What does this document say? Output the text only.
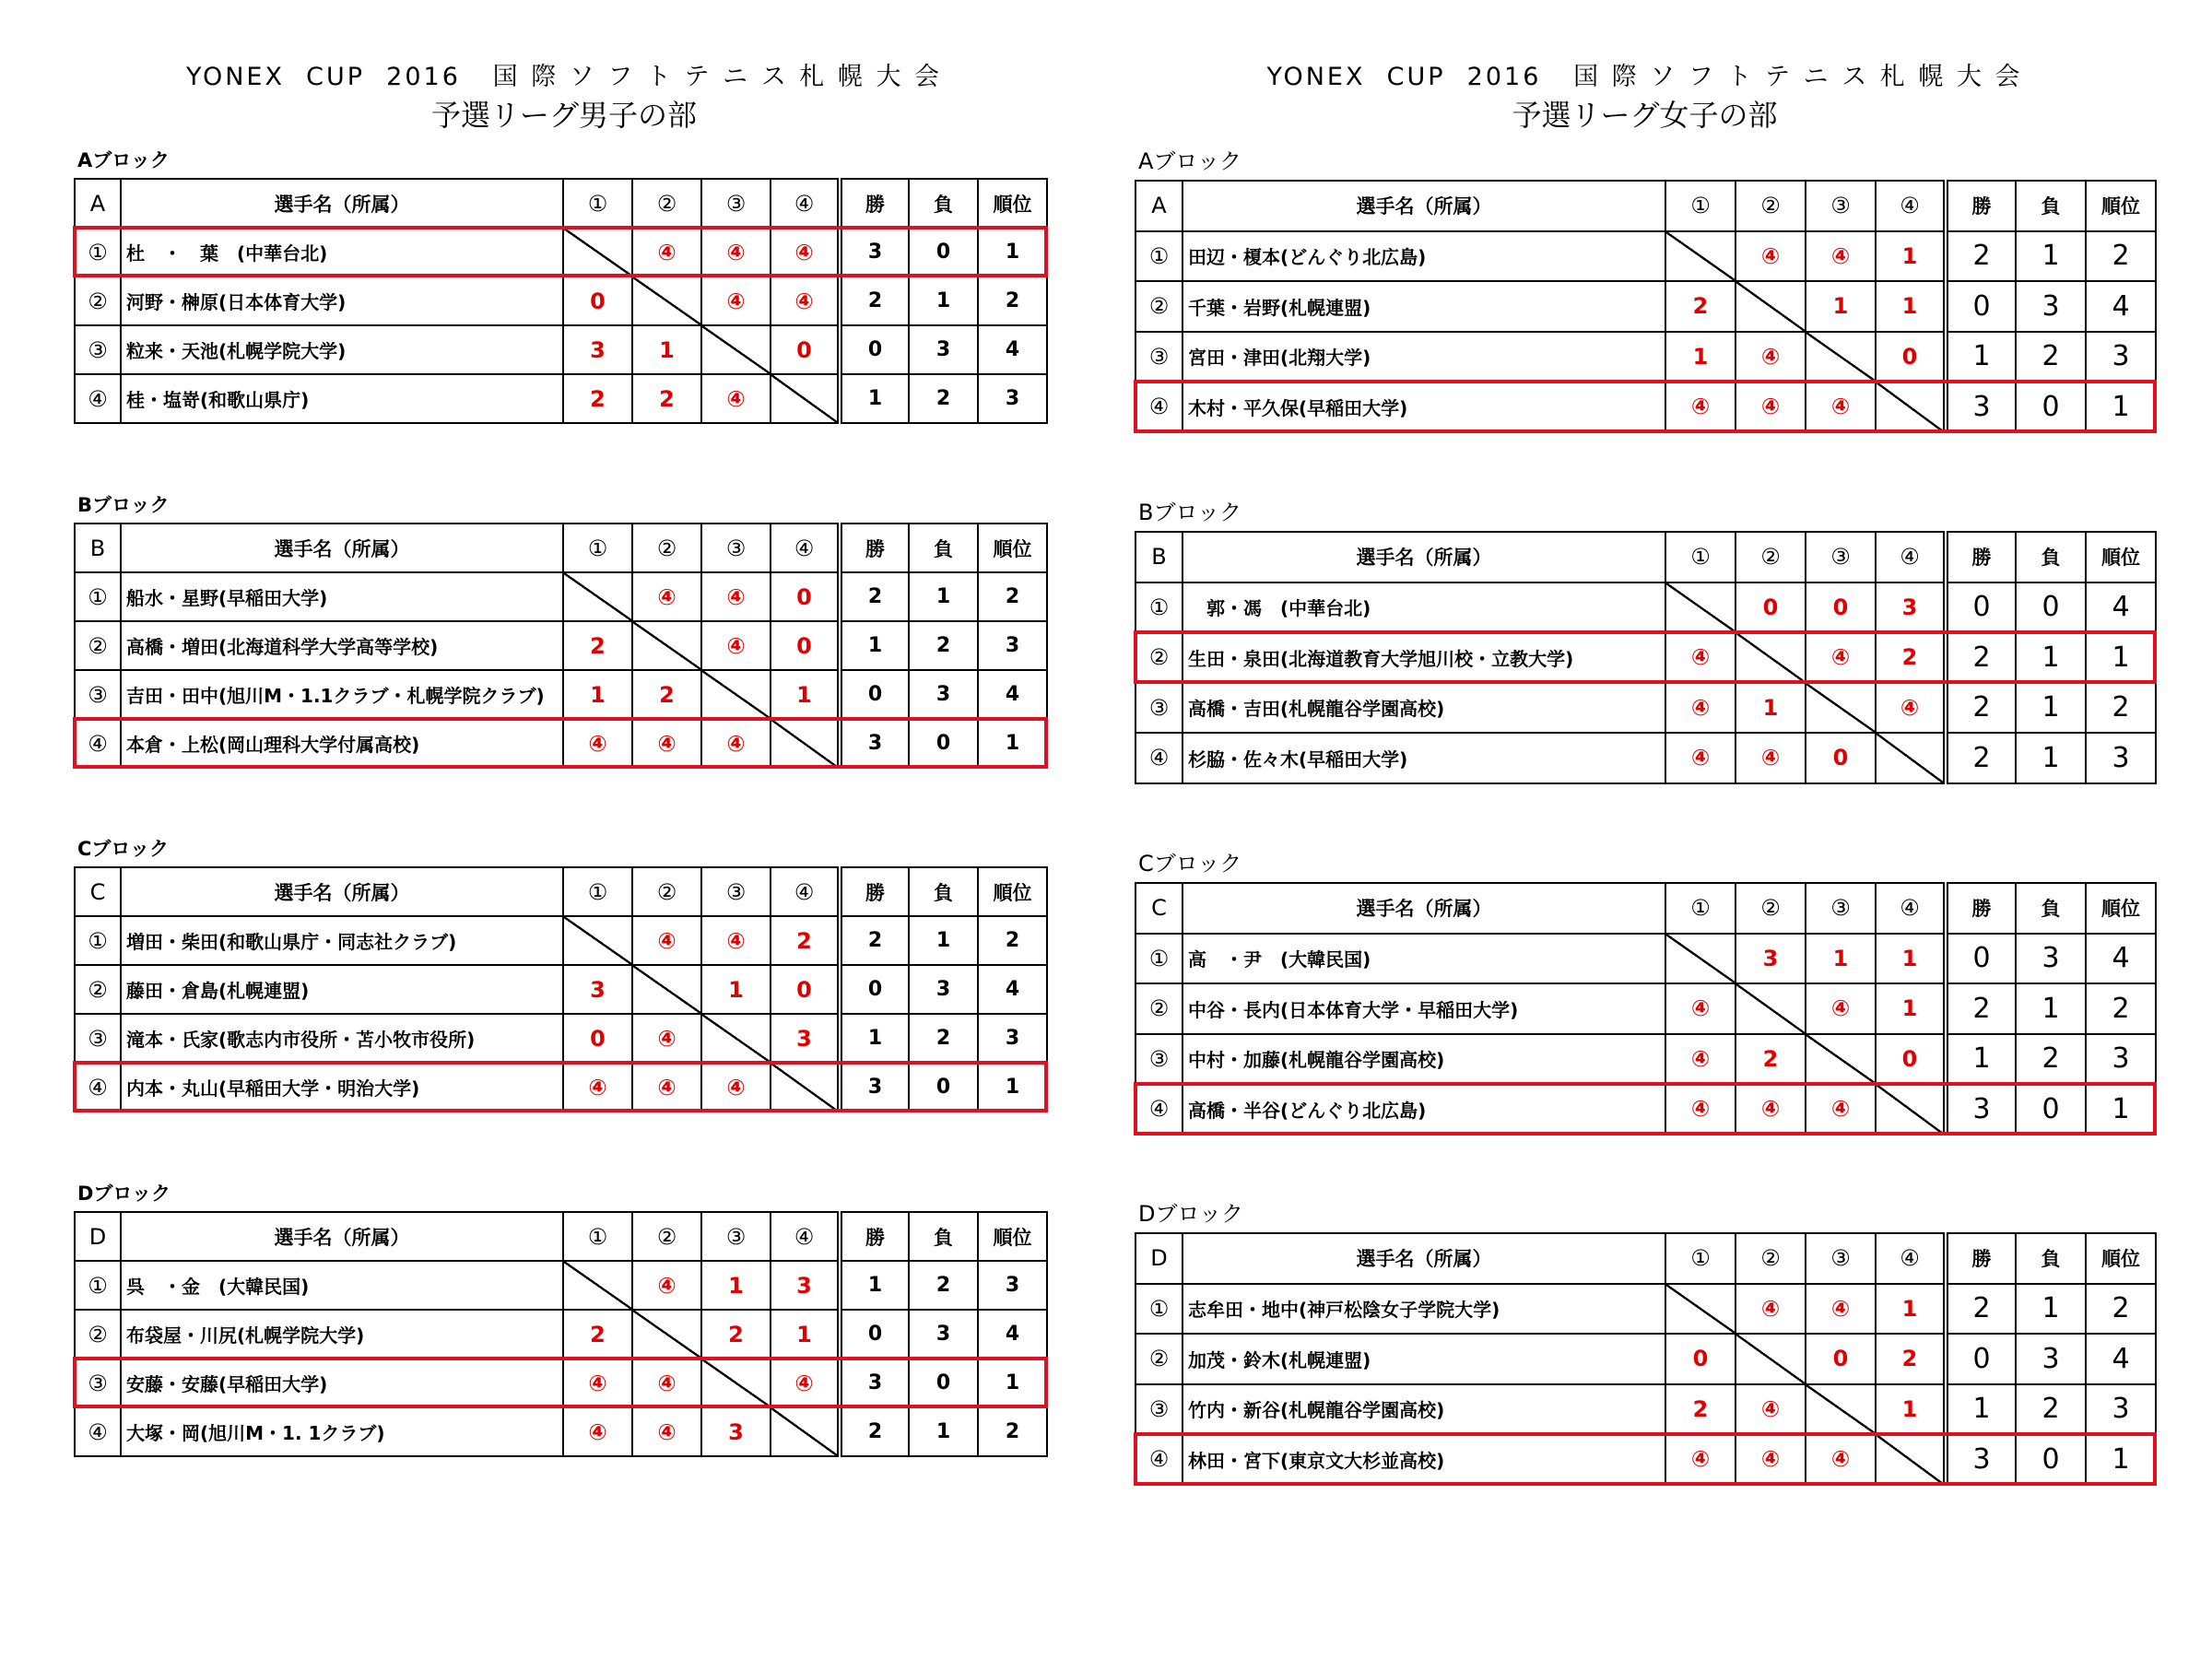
YONEX  CUP  2016   国 際 ソ フ ト テ ニ ス 札 幌 大 会
予選リーグ男子の部
Aブロック
A	選手名（所属）	①	②	③	④	勝	負	順位
①	杜　・　葉　(中華台北)		④	④	④	3	0	1
②	河野・榊原(日本体育大学)	0		④	④	2	1	2
③	粒来・天池(札幌学院大学)	3	1		0	0	3	4
④	桂・塩嵜(和歌山県庁)	2	2	④		1	2	3
Bブロック
B	選手名（所属）	①	②	③	④	勝	負	順位
①	船水・星野(早稲田大学)		④	④	0	2	1	2
②	高橋・増田(北海道科学大学高等学校)	2		④	0	1	2	3
③	吉田・田中(旭川M・1.1クラブ・札幌学院クラブ)	1	2		1	0	3	4
④	本倉・上松(岡山理科大学付属高校)	④	④	④		3	0	1
Cブロック
C	選手名（所属）	①	②	③	④	勝	負	順位
①	増田・柴田(和歌山県庁・同志社クラブ)		④	④	2	2	1	2
②	藤田・倉島(札幌連盟)	3		1	0	0	3	4
③	滝本・氏家(歌志内市役所・苫小牧市役所)	0	④		3	1	2	3
④	内本・丸山(早稲田大学・明治大学)	④	④	④		3	0	1
Dブロック
D	選手名（所属）	①	②	③	④	勝	負	順位
①	呉　・金　(大韓民国)		④	1	3	1	2	3
②	布袋屋・川尻(札幌学院大学)	2		2	1	0	3	4
③	安藤・安藤(早稲田大学)	④	④		④	3	0	1
④	大塚・岡(旭川M・1. 1クラブ)	④	④	3		2	1	2
YONEX  CUP  2016   国 際 ソ フ ト テ ニ ス 札 幌 大 会
予選リーグ女子の部
Aブロック
A	選手名（所属）	①	②	③	④	勝	負	順位
①	田辺・榎本(どんぐり北広島)		④	④	1	2	1	2
②	千葉・岩野(札幌連盟)	2		1	1	0	3	4
③	宮田・津田(北翔大学)	1	④		0	1	2	3
④	木村・平久保(早稲田大学)	④	④	④		3	0	1
Bブロック
B	選手名（所属）	①	②	③	④	勝	負	順位
①	　郭・馮　(中華台北)		0	0	3	0	0	4
②	生田・泉田(北海道教育大学旭川校・立教大学)	④		④	2	2	1	1
③	高橋・吉田(札幌龍谷学園高校)	④	1		④	2	1	2
④	杉脇・佐々木(早稲田大学)	④	④	0		2	1	3
Cブロック
C	選手名（所属）	①	②	③	④	勝	負	順位
①	高　・尹　(大韓民国)		3	1	1	0	3	4
②	中谷・長内(日本体育大学・早稲田大学)	④		④	1	2	1	2
③	中村・加藤(札幌龍谷学園高校)	④	2		0	1	2	3
④	高橋・半谷(どんぐり北広島)	④	④	④		3	0	1
Dブロック
D	選手名（所属）	①	②	③	④	勝	負	順位
①	志牟田・地中(神戸松陰女子学院大学)		④	④	1	2	1	2
②	加茂・鈴木(札幌連盟)	0		0	2	0	3	4
③	竹内・新谷(札幌龍谷学園高校)	2	④		1	1	2	3
④	林田・宮下(東京文大杉並高校)	④	④	④		3	0	1
